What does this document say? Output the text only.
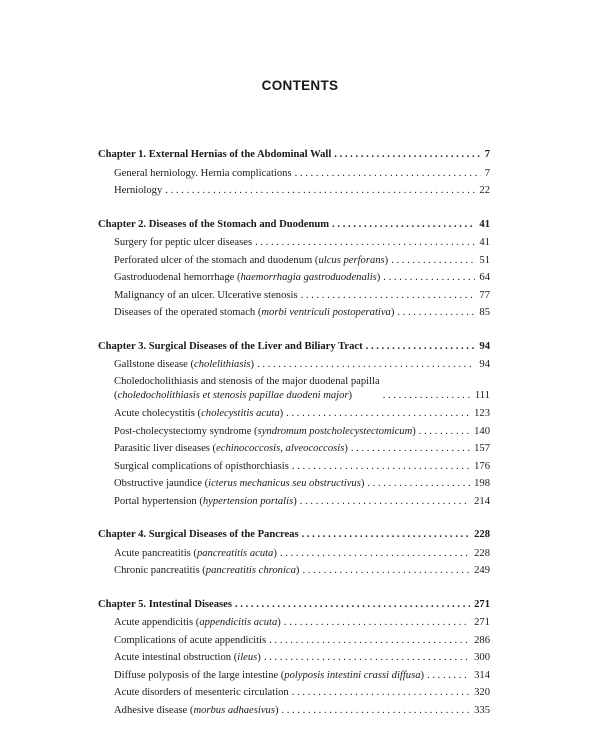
CONTENTS
Chapter 1. External Hernias of the Abdominal Wall . . .	7
General herniology. Hernia complications . . .	7
Herniology . . .	22
Chapter 2. Diseases of the Stomach and Duodenum . . .	41
Surgery for peptic ulcer diseases . . .	41
Perforated ulcer of the stomach and duodenum (ulcus perforans) . . .	51
Gastroduodenal hemorrhage (haemorrhagia gastroduodenalis) . . .	64
Malignancy of an ulcer. Ulcerative stenosis . . .	77
Diseases of the operated stomach (morbi ventriculi postoperativa) . . .	85
Chapter 3. Surgical Diseases of the Liver and Biliary Tract . . .	94
Gallstone disease (cholelithiasis) . . .	94
Choledocholithiasis and stenosis of the major duodenal papilla
(choledocholithiasis et stenosis papillae duodeni major) . . .	111
Acute cholecystitis (cholecystitis acuta) . . .	123
Post-cholecystectomy syndrome (syndromum postcholecystectomicum) . . .	140
Parasitic liver diseases (echinococcosis, alveococcosis) . . .	157
Surgical complications of opisthorchiasis . . .	176
Obstructive jaundice (icterus mechanicus seu obstructivus) . . .	198
Portal hypertension (hypertension portalis) . . .	214
Chapter 4. Surgical Diseases of the Pancreas . . .	228
Acute pancreatitis (pancreatitis acuta) . . .	228
Chronic pancreatitis (pancreatitis chronica) . . .	249
Chapter 5. Intestinal Diseases . . .	271
Acute appendicitis (appendicitis acuta) . . .	271
Complications of acute appendicitis . . .	286
Acute intestinal obstruction (ileus) . . .	300
Diffuse polyposis of the large intestine (polyposis intestini crassi diffusa) . . .	314
Acute disorders of mesenteric circulation . . .	320
Adhesive disease (morbus adhaesivus) . . .	335
